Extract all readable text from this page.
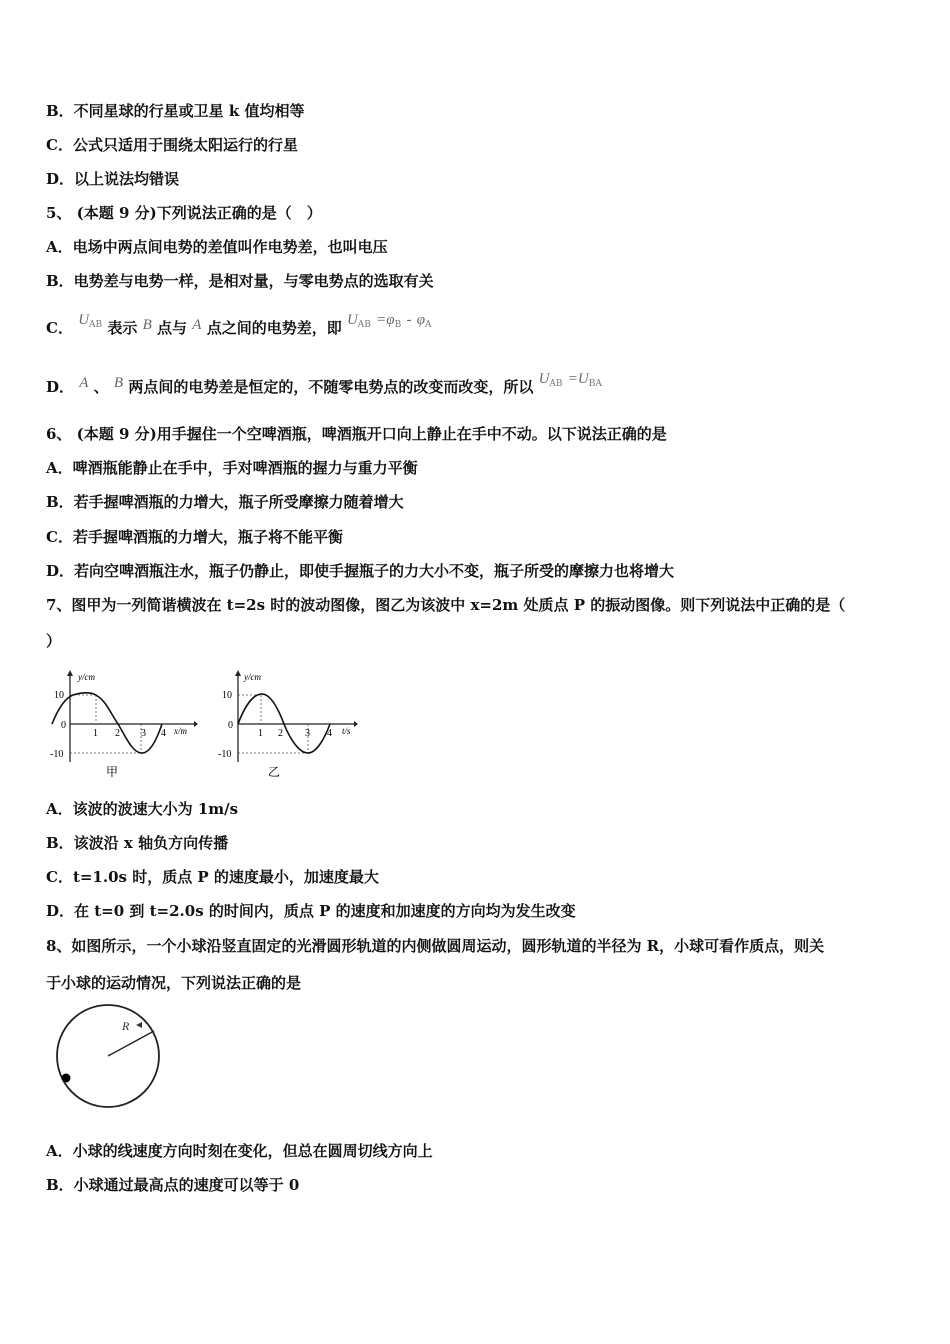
B．不同星球的行星或卫星 k 值均相等
C．公式只适用于围绕太阳运行的行星
D．以上说法均错误
5、 (本题 9 分)下列说法正确的是（　）
A．电场中两点间电势的差值叫作电势差，也叫电压
B．电势差与电势一样，是相对量，与零电势点的选取有关
C． $U_{AB}$ 表示 B 点与 A 点之间的电势差，即 $U_{AB} =\varphi_B - \varphi_A$
D． A 、 B 两点间的电势差是恒定的，不随零电势点的改变而改变，所以 $U_{AB} =U_{BA}$
6、 (本题 9 分)用手握住一个空啤酒瓶，啤酒瓶开口向上静止在手中不动。以下说法正确的是
A．啤酒瓶能静止在手中，手对啤酒瓶的握力与重力平衡
B．若手握啤酒瓶的力增大，瓶子所受摩擦力随着增大
C．若手握啤酒瓶的力增大，瓶子将不能平衡
D．若向空啤酒瓶注水，瓶子仍静止，即使手握瓶子的力大小不变，瓶子所受的摩擦力也将增大
7、图甲为一列简谐横波在 t=2s 时的波动图像，图乙为该波中 x=2m 处质点 P 的振动图像。则下列说法中正确的是（
）
y/cm
10
0
-10
1 2 3 4 x/m
甲
y/cm
10
0
-10
1 2 3 4 t/s
乙
A．该波的波速大小为 1m/s
B．该波沿 x 轴负方向传播
C．t=1.0s 时，质点 P 的速度最小，加速度最大
D．在 t=0 到 t=2.0s 的时间内，质点 P 的速度和加速度的方向均为发生改变
8、如图所示，一个小球沿竖直固定的光滑圆形轨道的内侧做圆周运动，圆形轨道的半径为 R，小球可看作质点，则关
于小球的运动情况，下列说法正确的是
R
A．小球的线速度方向时刻在变化，但总在圆周切线方向上
B．小球通过最高点的速度可以等于 0
